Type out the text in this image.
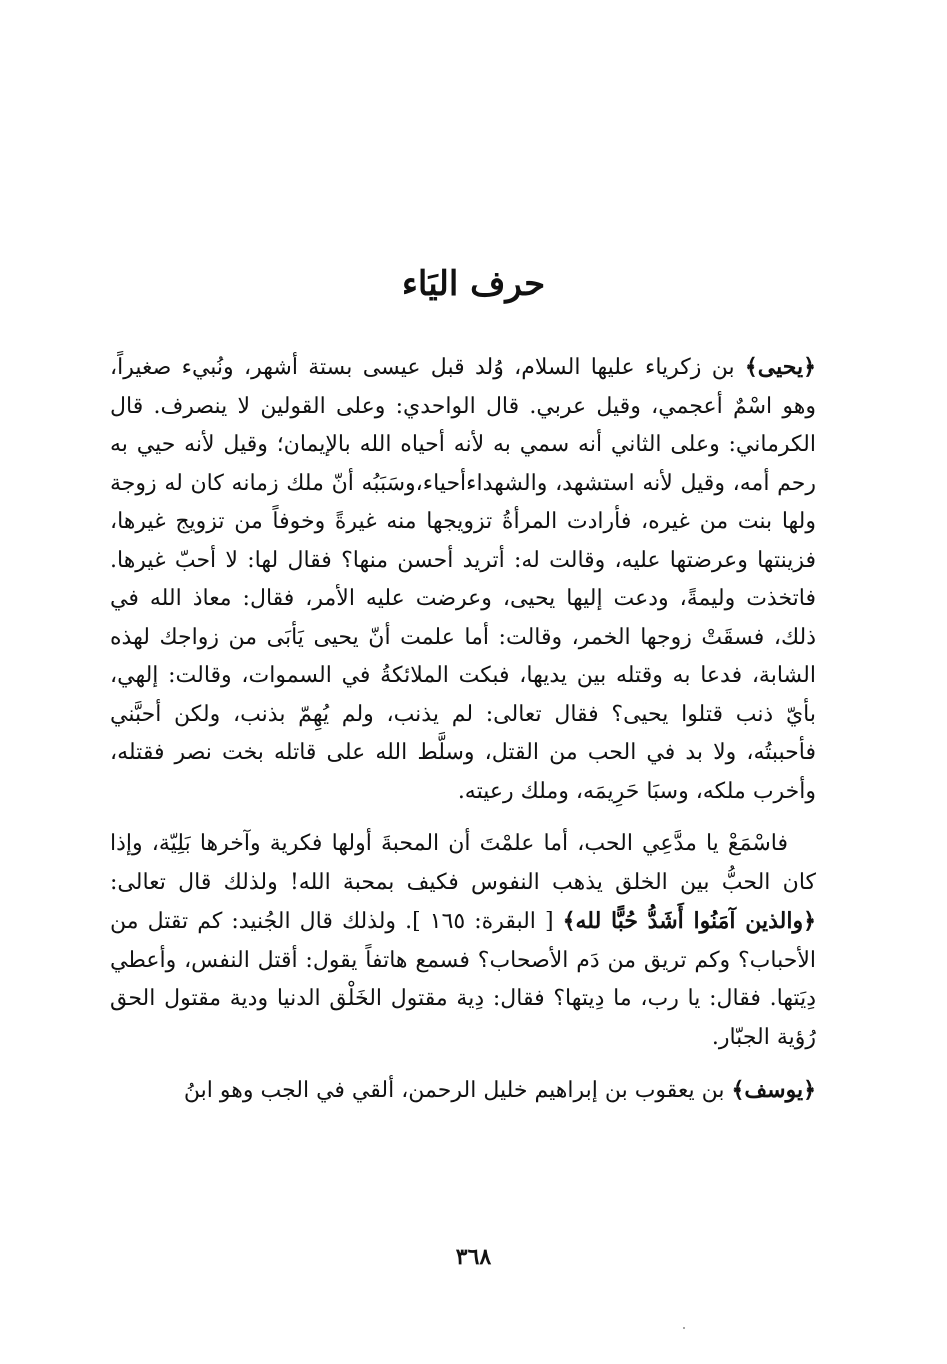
حرف اليَاء

﴿يحيى﴾ بن زكرياء عليها السلام، وُلد قبل عيسى بستة أشهر، ونُبيء صغيراً، وهو اسْمٌ أعجمي، وقيل عربي. قال الواحدي: وعلى القولين لا ينصرف. قال الكرماني: وعلى الثاني أنه سمي به لأنه أحياه الله بالإيمان؛ وقيل لأنه حيي به رحم أمه، وقيل لأنه استشهد، والشهداءأحياء،وسَبَبُه أنّ ملك زمانه كان له زوجة ولها بنت من غيره، فأرادت المرأةُ تزويجها منه غيرةً وخوفاً من تزويج غيرها، فزينتها وعرضتها عليه، وقالت له: أتريد أحسن منها؟ فقال لها: لا أحبّ غيرها. فاتخذت وليمةً، ودعت إليها يحيى، وعرضت عليه الأمر، فقال: معاذ الله في ذلك، فسقَتْ زوجها الخمر، وقالت: أما علمت أنّ يحيى يَأبَى من زواجك لهذه الشابة، فدعا به وقتله بين يديها، فبكت الملائكةُ في السموات، وقالت: إلهي، بأيّ ذنب قتلوا يحيى؟ فقال تعالى: لم يذنب، ولم يُهِمّ بذنب، ولكن أحبَّني فأحببتُه، ولا بد في الحب من القتل، وسلَّط الله على قاتله بخت نصر فقتله، وأخرب ملكه، وسبَا حَرِيمَه، وملك رعيته.

فاسْمَعْ يا مدَّعِي الحب، أما علمْتَ أن المحبةَ أولها فكرية وآخرها بَلِيّة، وإذا كان الحبُّ بين الخلق يذهب النفوس فكيف بمحبة الله! ولذلك قال تعالى: ﴿والذين آمَنُوا أَشَدُّ حُبًّا لله﴾ [ البقرة: ١٦٥ ]. ولذلك قال الجُنيد: كم تقتل من الأحباب؟ وكم تريق من دَم الأصحاب؟ فسمع هاتفاً يقول: أقتل النفس، وأعطي دِيَتها. فقال: يا رب، ما دِيتها؟ فقال: دِية مقتول الخَلْق الدنيا ودية مقتول الحق رُؤية الجبّار.

﴿يوسف﴾ بن يعقوب بن إبراهيم خليل الرحمن، ألقي في الجب وهو ابنُ

٣٦٨
